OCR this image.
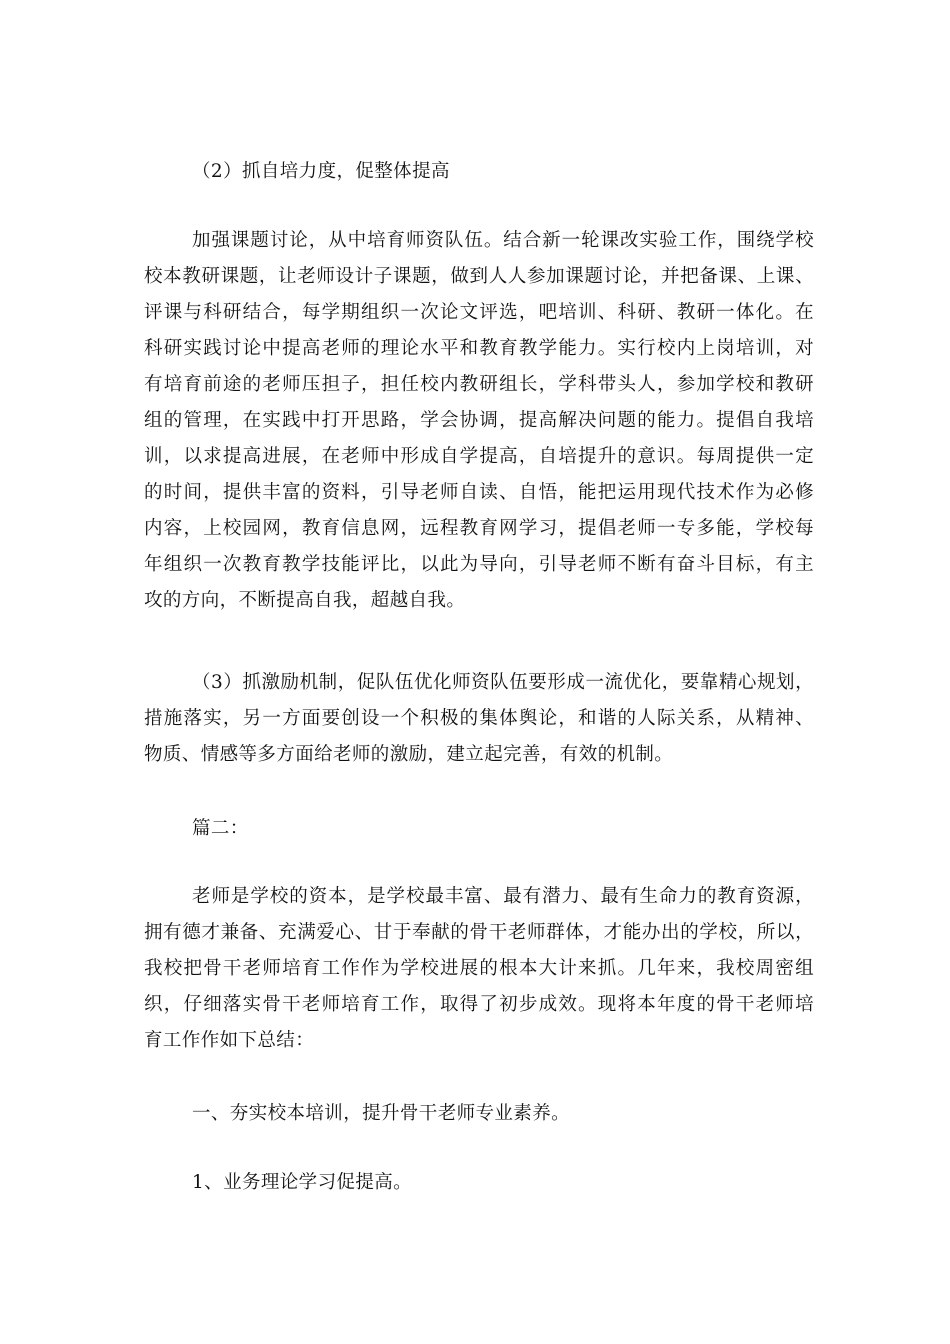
（2）抓自培力度，促整体提高
加强课题讨论，从中培育师资队伍。结合新一轮课改实验工作，围绕学校
校本教研课题，让老师设计子课题，做到人人参加课题讨论，并把备课、上课、
评课与科研结合，每学期组织一次论文评选，吧培训、科研、教研一体化。在
科研实践讨论中提高老师的理论水平和教育教学能力。实行校内上岗培训，对
有培育前途的老师压担子，担任校内教研组长，学科带头人，参加学校和教研
组的管理，在实践中打开思路，学会协调，提高解决问题的能力。提倡自我培
训，以求提高进展，在老师中形成自学提高，自培提升的意识。每周提供一定
的时间，提供丰富的资料，引导老师自读、自悟，能把运用现代技术作为必修
内容，上校园网，教育信息网，远程教育网学习，提倡老师一专多能，学校每
年组织一次教育教学技能评比，以此为导向，引导老师不断有奋斗目标，有主
攻的方向，不断提高自我，超越自我。
（3）抓激励机制，促队伍优化师资队伍要形成一流优化，要靠精心规划，
措施落实，另一方面要创设一个积极的集体舆论，和谐的人际关系，从精神、
物质、情感等多方面给老师的激励，建立起完善，有效的机制。
篇二：
老师是学校的资本，是学校最丰富、最有潜力、最有生命力的教育资源，
拥有德才兼备、充满爱心、甘于奉献的骨干老师群体，才能办出的学校，所以，
我校把骨干老师培育工作作为学校进展的根本大计来抓。几年来，我校周密组
织，仔细落实骨干老师培育工作，取得了初步成效。现将本年度的骨干老师培
育工作作如下总结：
一、夯实校本培训，提升骨干老师专业素养。
1、业务理论学习促提高。
